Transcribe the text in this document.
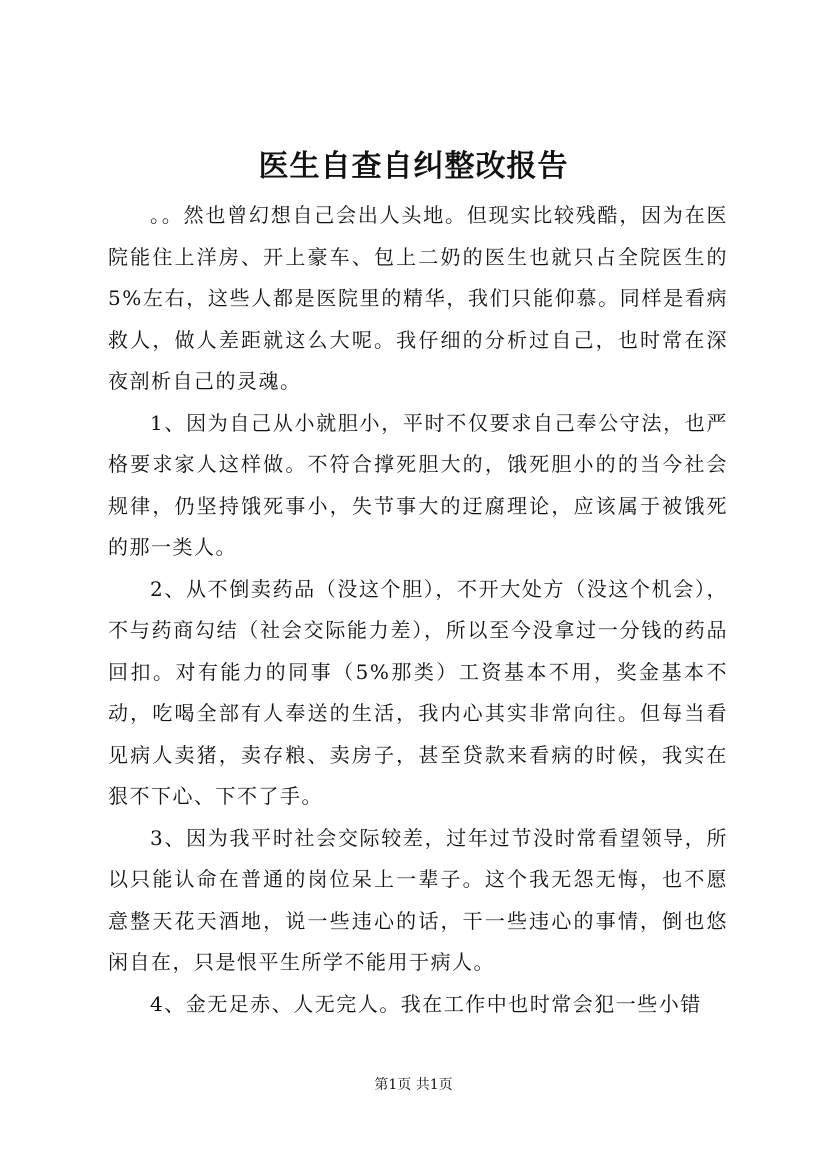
医生自查自纠整改报告

。。然也曾幻想自己会出人头地。但现实比较残酷，因为在医院能住上洋房、开上豪车、包上二奶的医生也就只占全院医生的5%左右，这些人都是医院里的精华，我们只能仰慕。同样是看病救人，做人差距就这么大呢。我仔细的分析过自己，也时常在深夜剖析自己的灵魂。

1、因为自己从小就胆小，平时不仅要求自己奉公守法，也严格要求家人这样做。不符合撑死胆大的，饿死胆小的的当今社会规律，仍坚持饿死事小，失节事大的迂腐理论，应该属于被饿死的那一类人。

2、从不倒卖药品（没这个胆），不开大处方（没这个机会），不与药商勾结（社会交际能力差），所以至今没拿过一分钱的药品回扣。对有能力的同事（5%那类）工资基本不用，奖金基本不动，吃喝全部有人奉送的生活，我内心其实非常向往。但每当看见病人卖猪，卖存粮、卖房子，甚至贷款来看病的时候，我实在狠不下心、下不了手。

3、因为我平时社会交际较差，过年过节没时常看望领导，所以只能认命在普通的岗位呆上一辈子。这个我无怨无悔，也不愿意整天花天酒地，说一些违心的话，干一些违心的事情，倒也悠闲自在，只是恨平生所学不能用于病人。

4、金无足赤、人无完人。我在工作中也时常会犯一些小错

第1页 共1页
